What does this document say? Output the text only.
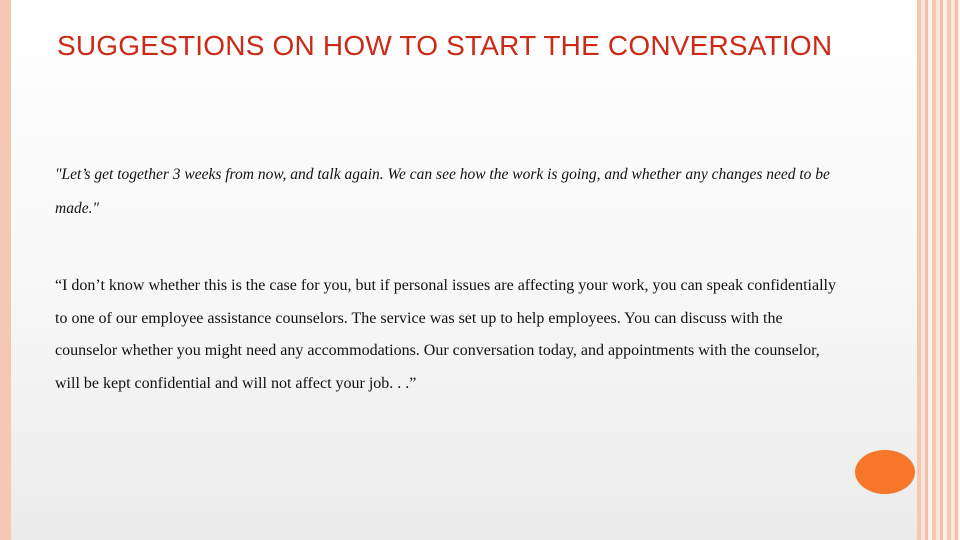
SUGGESTIONS ON HOW TO START THE CONVERSATION

"Let’s get together 3 weeks from now, and talk again. We can see how the work is going, and whether any changes need to be made."

“I don’t know whether this is the case for you, but if personal issues are affecting your work, you can speak confidentially to one of our employee assistance counselors. The service was set up to help employees. You can discuss with the counselor whether you might need any accommodations. Our conversation today, and appointments with the counselor, will be kept confidential and will not affect your job. . .”
